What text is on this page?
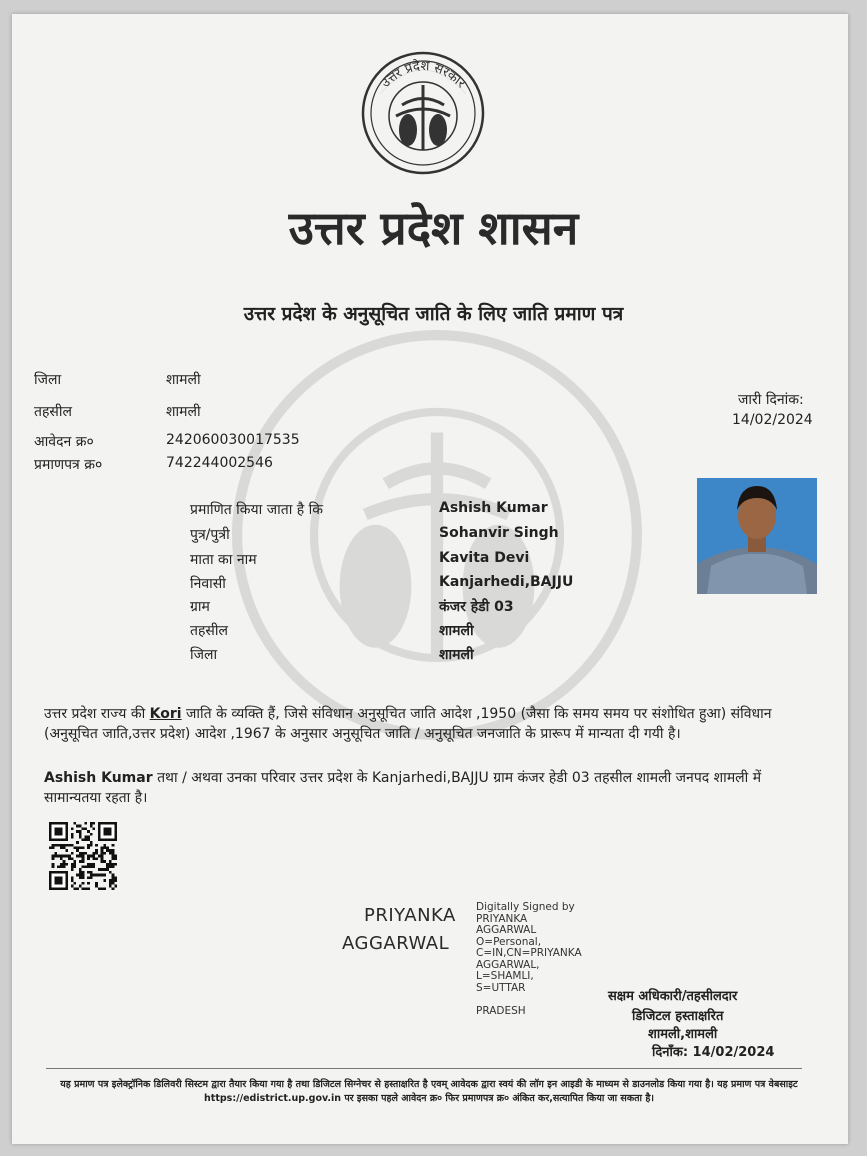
उत्तर प्रदेश सरकार
उत्तर प्रदेश शासन
उत्तर प्रदेश के अनुसूचित जाति के लिए जाति प्रमाण पत्र
जिला	शामली
तहसील	शामली
आवेदन क्र०	242060030017535
प्रमाणपत्र क्र०	742244002546
जारी दिनांक:
14/02/2024
प्रमाणित किया जाता है कि	Ashish Kumar
पुत्र/पुत्री	Sohanvir Singh
माता का नाम	Kavita Devi
निवासी	Kanjarhedi,BAJJU
ग्राम	कंजर हेडी 03
तहसील	शामली
जिला	शामली
उत्तर प्रदेश राज्य की Kori जाति के व्यक्ति हैं, जिसे संविधान अनुसूचित जाति आदेश ,1950 (जैसा कि समय समय पर संशोधित हुआ) संविधान (अनुसूचित जाति,उत्तर प्रदेश) आदेश ,1967 के अनुसार अनुसूचित जाति / अनुसूचित जनजाति के प्रारूप में मान्यता दी गयी है।
Ashish Kumar तथा / अथवा उनका परिवार उत्तर प्रदेश के Kanjarhedi,BAJJU ग्राम कंजर हेडी 03 तहसील शामली जनपद शामली में सामान्यतया रहता है।
PRIYANKA
AGGARWAL
Digitally Signed by
PRIYANKA
AGGARWAL
O=Personal,
C=IN,CN=PRIYANKA
AGGARWAL,
L=SHAMLI,
S=UTTAR
PRADESH
सक्षम अधिकारी/तहसीलदार
डिजिटल हस्ताक्षरित
शामली,शामली
दिनाँक: 14/02/2024
यह प्रमाण पत्र इलेक्ट्रॉनिक डिलिवरी सिस्टम द्वारा तैयार किया गया है तथा डिजिटल सिग्नेचर से हस्ताक्षरित है एवम् आवेदक द्वारा स्वयं की लॉग इन आइडी के माध्यम से डाउनलोड किया गया है। यह प्रमाण पत्र वेबसाइट https://edistrict.up.gov.in पर इसका पहले आवेदन क्र० फिर प्रमाणपत्र क्र० अंकित कर,सत्यापित किया जा सकता है।
